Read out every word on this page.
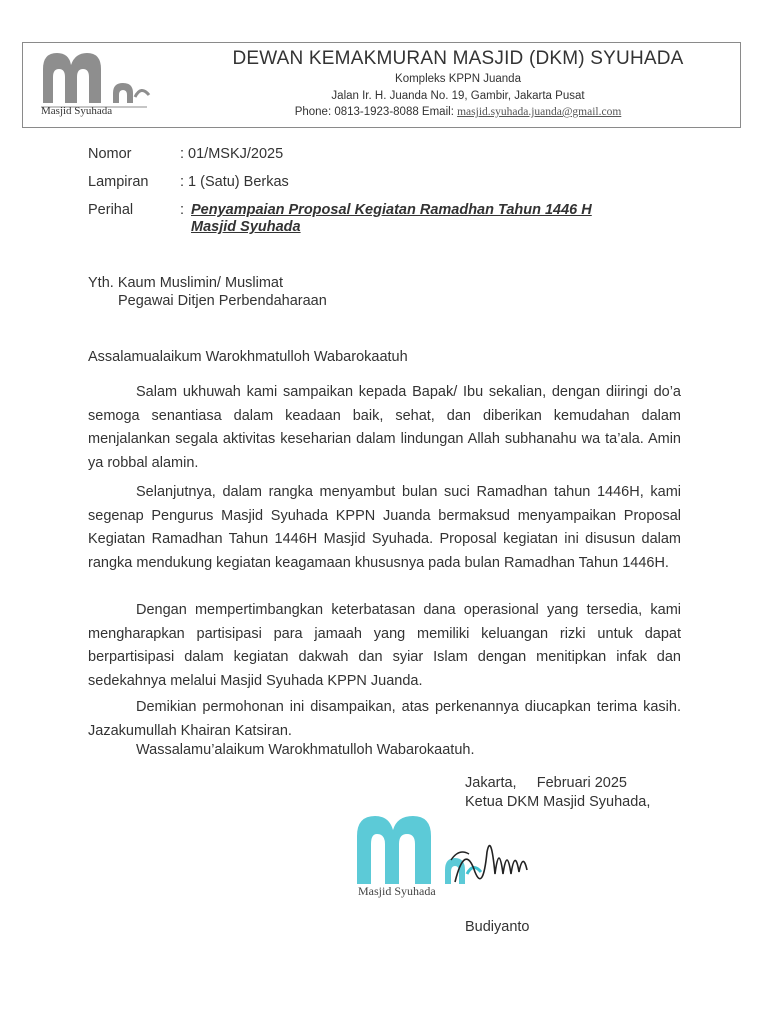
Masjid Syuhada
DEWAN KEMAKMURAN MASJID (DKM) SYUHADA
Kompleks KPPN Juanda
Jalan Ir. H. Juanda No. 19, Gambir, Jakarta Pusat
Phone: 0813-1923-8088 Email: masjid.syuhada.juanda@gmail.com
Nomor	: 01/MSKJ/2025
Lampiran : 1 (Satu) Berkas
Perihal	: Penyampaian Proposal Kegiatan Ramadhan Tahun 1446 H
Masjid Syuhada
Yth. Kaum Muslimin/ Muslimat
Pegawai Ditjen Perbendaharaan
Assalamualaikum Warokhmatulloh Wabarokaatuh
Salam ukhuwah kami sampaikan kepada Bapak/ Ibu sekalian, dengan diiringi do’a semoga senantiasa dalam keadaan baik, sehat, dan diberikan kemudahan dalam menjalankan segala aktivitas keseharian dalam lindungan Allah subhanahu wa ta’ala. Amin ya robbal alamin.
Selanjutnya, dalam rangka menyambut bulan suci Ramadhan tahun 1446H, kami segenap Pengurus Masjid Syuhada KPPN Juanda bermaksud menyampaikan Proposal Kegiatan Ramadhan Tahun 1446H Masjid Syuhada. Proposal kegiatan ini disusun dalam rangka mendukung kegiatan keagamaan khususnya pada bulan Ramadhan Tahun 1446H.
Dengan mempertimbangkan keterbatasan dana operasional yang tersedia, kami mengharapkan partisipasi para jamaah yang memiliki keluangan rizki untuk dapat berpartisipasi dalam kegiatan dakwah dan syiar Islam dengan menitipkan infak dan sedekahnya melalui Masjid Syuhada KPPN Juanda.
Demikian permohonan ini disampaikan, atas perkenannya diucapkan terima kasih. Jazakumullah Khairan Katsiran.
Wassalamu’alaikum Warokhmatulloh Wabarokaatuh.
Jakarta,     Februari 2025
Ketua DKM Masjid Syuhada,
Masjid Syuhada
Budiyanto
